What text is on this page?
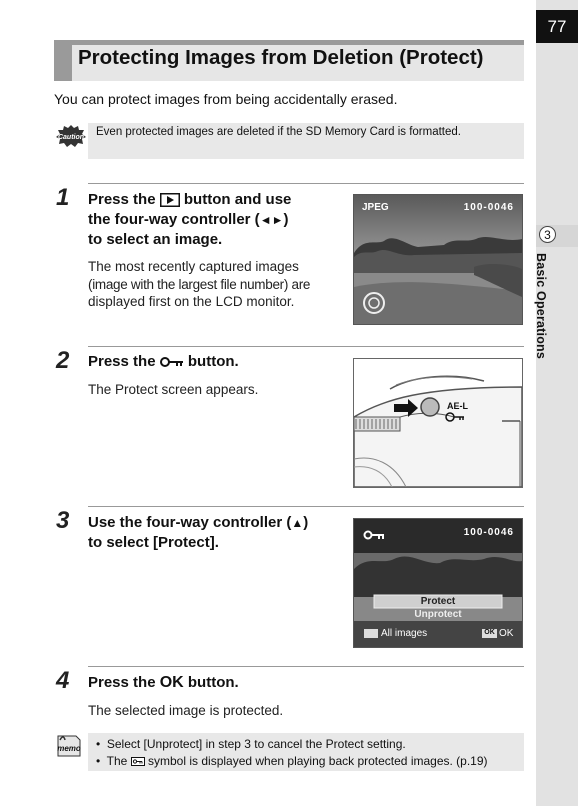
77
3
Basic Operations
Protecting Images from Deletion (Protect)
You can protect images from being accidentally erased.
Caution Even protected images are deleted if the SD Memory Card is formatted.
1 Press the  button and use
the four-way controller (◄►)
to select an image.
The most recently captured images
(image with the largest file number) are
displayed first on the LCD monitor.
JPEG	100-0046
2 Press the  button.
The Protect screen appears.
AE-L
3 Use the four-way controller (▲)
to select [Protect].
100-0046
Protect
Unprotect
All images	OK OK
4 Press the OK button.
The selected image is protected.
memo •  Select [Unprotect] in step 3 to cancel the Protect setting.
•  The  symbol is displayed when playing back protected images. (p.19)
